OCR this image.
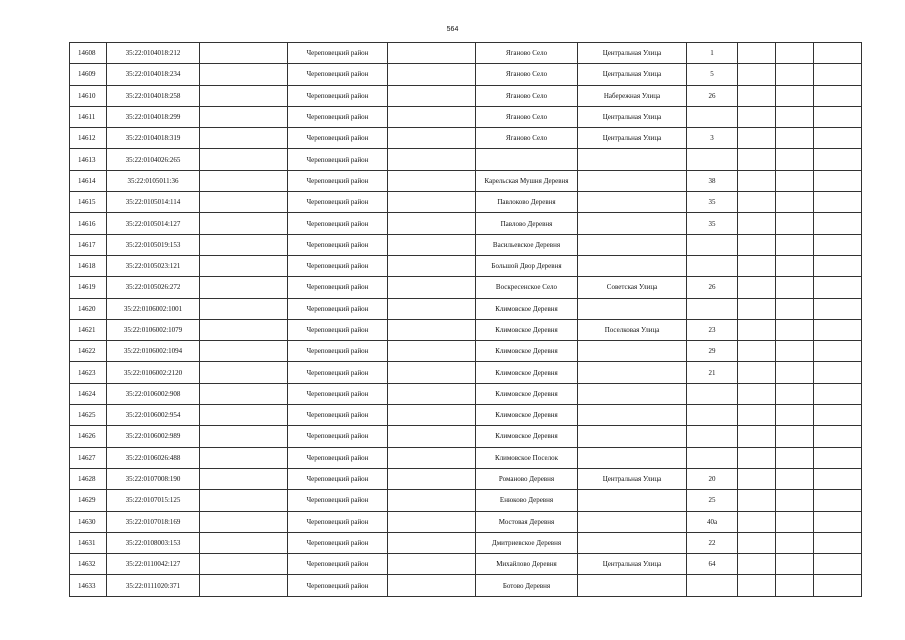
564
14608	35:22:0104018:212		Череповецкий район		Ягановo Село	Центральная Улица	1			
14609	35:22:0104018:234		Череповецкий район		Ягановo Село	Центральная Улица	5			
14610	35:22:0104018:258		Череповецкий район		Ягановo Село	Набережная Улица	26			
14611	35:22:0104018:299		Череповецкий район		Ягановo Село	Центральная Улица				
14612	35:22:0104018:319		Череповецкий район		Ягановo Село	Центральная Улица	3			
14613	35:22:0104026:265		Череповецкий район							
14614	35:22:0105011:36		Череповецкий район		Карельская Мушня Деревня		38			
14615	35:22:0105014:114		Череповецкий район		Павлоково Деревня		35			
14616	35:22:0105014:127		Череповецкий район		Павлово Деревня		35			
14617	35:22:0105019:153		Череповецкий район		Васильевское Деревня					
14618	35:22:0105023:121		Череповецкий район		Большой Двор Деревня					
14619	35:22:0105026:272		Череповецкий район		Воскресенское Село	Советская Улица	26			
14620	35:22:0106002:1001		Череповецкий район		Климовское Деревня					
14621	35:22:0106002:1079		Череповецкий район		Климовское Деревня	Поселковая Улица	23			
14622	35:22:0106002:1094		Череповецкий район		Климовское Деревня		29			
14623	35:22:0106002:2120		Череповецкий район		Климовское Деревня		21			
14624	35:22:0106002:908		Череповецкий район		Климовское Деревня					
14625	35:22:0106002:954		Череповецкий район		Климовское Деревня					
14626	35:22:0106002:989		Череповецкий район		Климовское Деревня					
14627	35:22:0106026:488		Череповецкий район		Климовское Поселок					
14628	35:22:0107008:190		Череповецкий район		Романово Деревня	Центральная Улица	20			
14629	35:22:0107015:125		Череповецкий район		Енюково Деревня		25			
14630	35:22:0107018:169		Череповецкий район		Мостовая Деревня		40а			
14631	35:22:0108003:153		Череповецкий район		Дмитриевское Деревня		22			
14632	35:22:0110042:127		Череповецкий район		Михайлово Деревня	Центральная Улица	64			
14633	35:22:0111020:371		Череповецкий район		Ботово Деревня					
